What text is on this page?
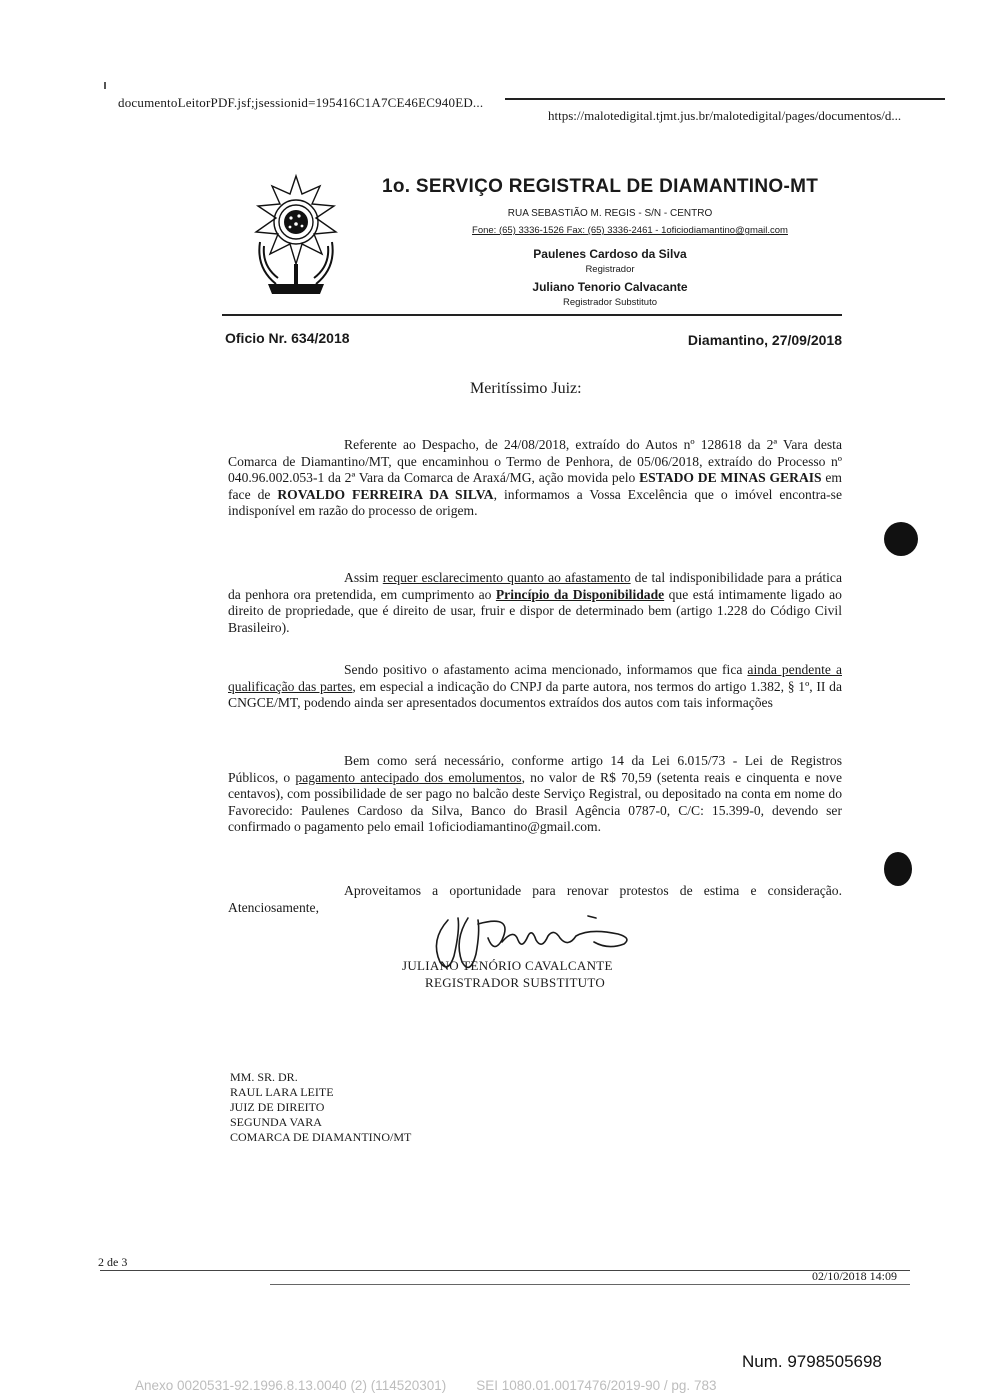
documentoLeitorPDF.jsf;jsessionid=195416C1A7CE46EC940ED...
https://malotedigital.tjmt.jus.br/malotedigital/pages/documentos/d...
1o. SERVIÇO REGISTRAL DE DIAMANTINO-MT
RUA SEBASTIÃO M. REGIS - S/N - CENTRO
Fone: (65) 3336-1526 Fax: (65) 3336-2461 - 1oficiodiamantino@gmail.com
Paulenes Cardoso da Silva
Registrador
Juliano Tenorio Calvacante
Registrador Substituto
Oficio Nr. 634/2018	Diamantino, 27/09/2018
Meritíssimo Juiz:
Referente ao Despacho, de 24/08/2018, extraído do Autos nº 128618 da 2ª Vara desta Comarca de Diamantino/MT, que encaminhou o Termo de Penhora, de 05/06/2018, extraído do Processo nº 040.96.002.053-1 da 2ª Vara da Comarca de Araxá/MG, ação movida pelo ESTADO DE MINAS GERAIS em face de ROVALDO FERREIRA DA SILVA, informamos a Vossa Excelência que o imóvel encontra-se indisponível em razão do processo de origem.
Assim requer esclarecimento quanto ao afastamento de tal indisponibilidade para a prática da penhora ora pretendida, em cumprimento ao Princípio da Disponibilidade que está intimamente ligado ao direito de propriedade, que é direito de usar, fruir e dispor de determinado bem (artigo 1.228 do Código Civil Brasileiro).
Sendo positivo o afastamento acima mencionado, informamos que fica ainda pendente a qualificação das partes, em especial a indicação do CNPJ da parte autora, nos termos do artigo 1.382, § 1º, II da CNGCE/MT, podendo ainda ser apresentados documentos extraídos dos autos com tais informações
Bem como será necessário, conforme artigo 14 da Lei 6.015/73 - Lei de Registros Públicos, o pagamento antecipado dos emolumentos, no valor de R$ 70,59 (setenta reais e cinquenta e nove centavos), com possibilidade de ser pago no balcão deste Serviço Registral, ou depositado na conta em nome do Favorecido: Paulenes Cardoso da Silva, Banco do Brasil Agência 0787-0, C/C: 15.399-0, devendo ser confirmado o pagamento pelo email 1oficiodiamantino@gmail.com.
Aproveitamos a oportunidade para renovar protestos de estima e consideração. Atenciosamente,
JULIANO TENÓRIO CAVALCANTE
REGISTRADOR SUBSTITUTO
MM. SR. DR.
RAUL LARA LEITE
JUIZ DE DIREITO
SEGUNDA VARA
COMARCA DE DIAMANTINO/MT
2 de 3
02/10/2018 14:09
Num. 9798505698
Anexo 0020531-92.1996.8.13.0040 (2) (114520301)        SEI 1080.01.0017476/2019-90 / pg. 783
